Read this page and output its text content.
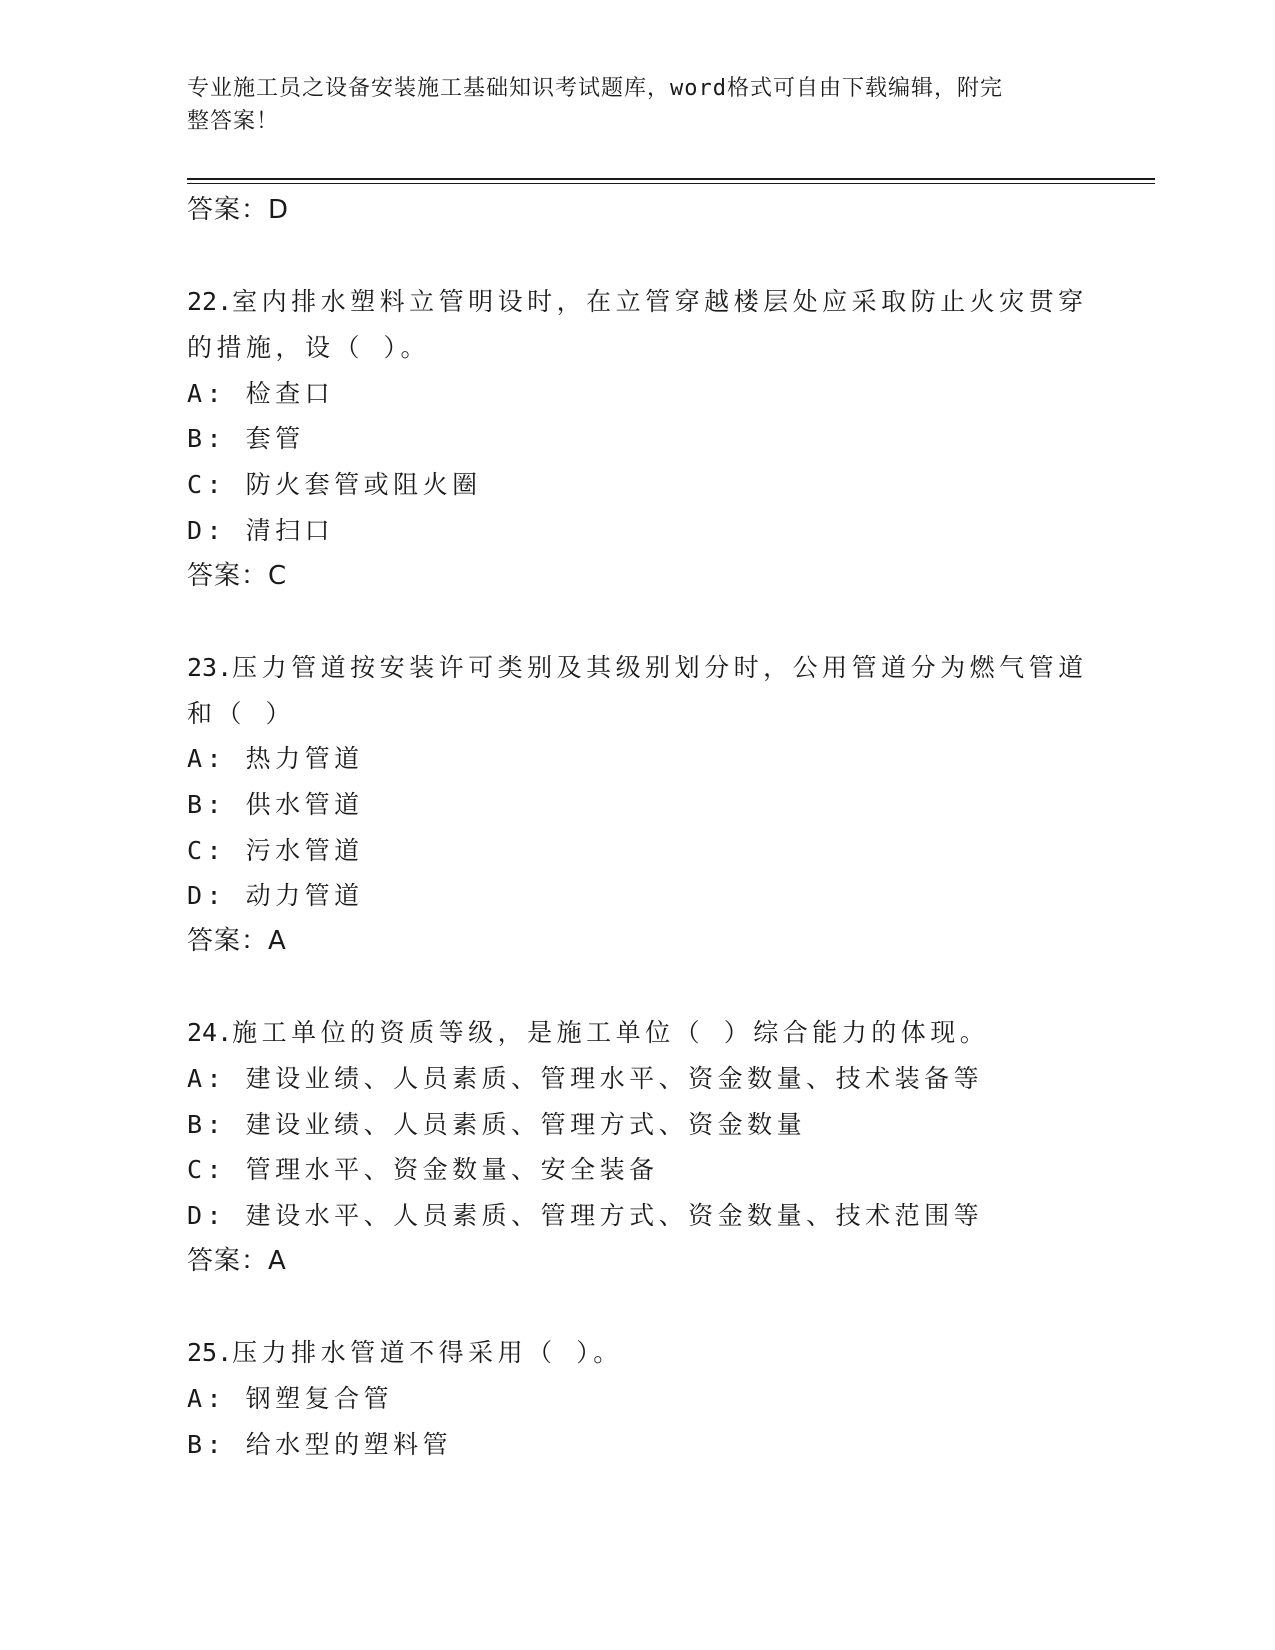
专业施工员之设备安装施工基础知识考试题库，word格式可自由下载编辑，附完
整答案！
答案：D
22.室内排水塑料立管明设时，在立管穿越楼层处应采取防止火灾贯穿
的措施，设（ ）。
A: 检查口
B: 套管
C: 防火套管或阻火圈
D: 清扫口
答案：C
23.压力管道按安装许可类别及其级别划分时，公用管道分为燃气管道
和（ ）
A: 热力管道
B: 供水管道
C: 污水管道
D: 动力管道
答案：A
24.施工单位的资质等级，是施工单位（ ）综合能力的体现。
A: 建设业绩、人员素质、管理水平、资金数量、技术装备等
B: 建设业绩、人员素质、管理方式、资金数量
C: 管理水平、资金数量、安全装备
D: 建设水平、人员素质、管理方式、资金数量、技术范围等
答案：A
25.压力排水管道不得采用（ ）。
A: 钢塑复合管
B: 给水型的塑料管
